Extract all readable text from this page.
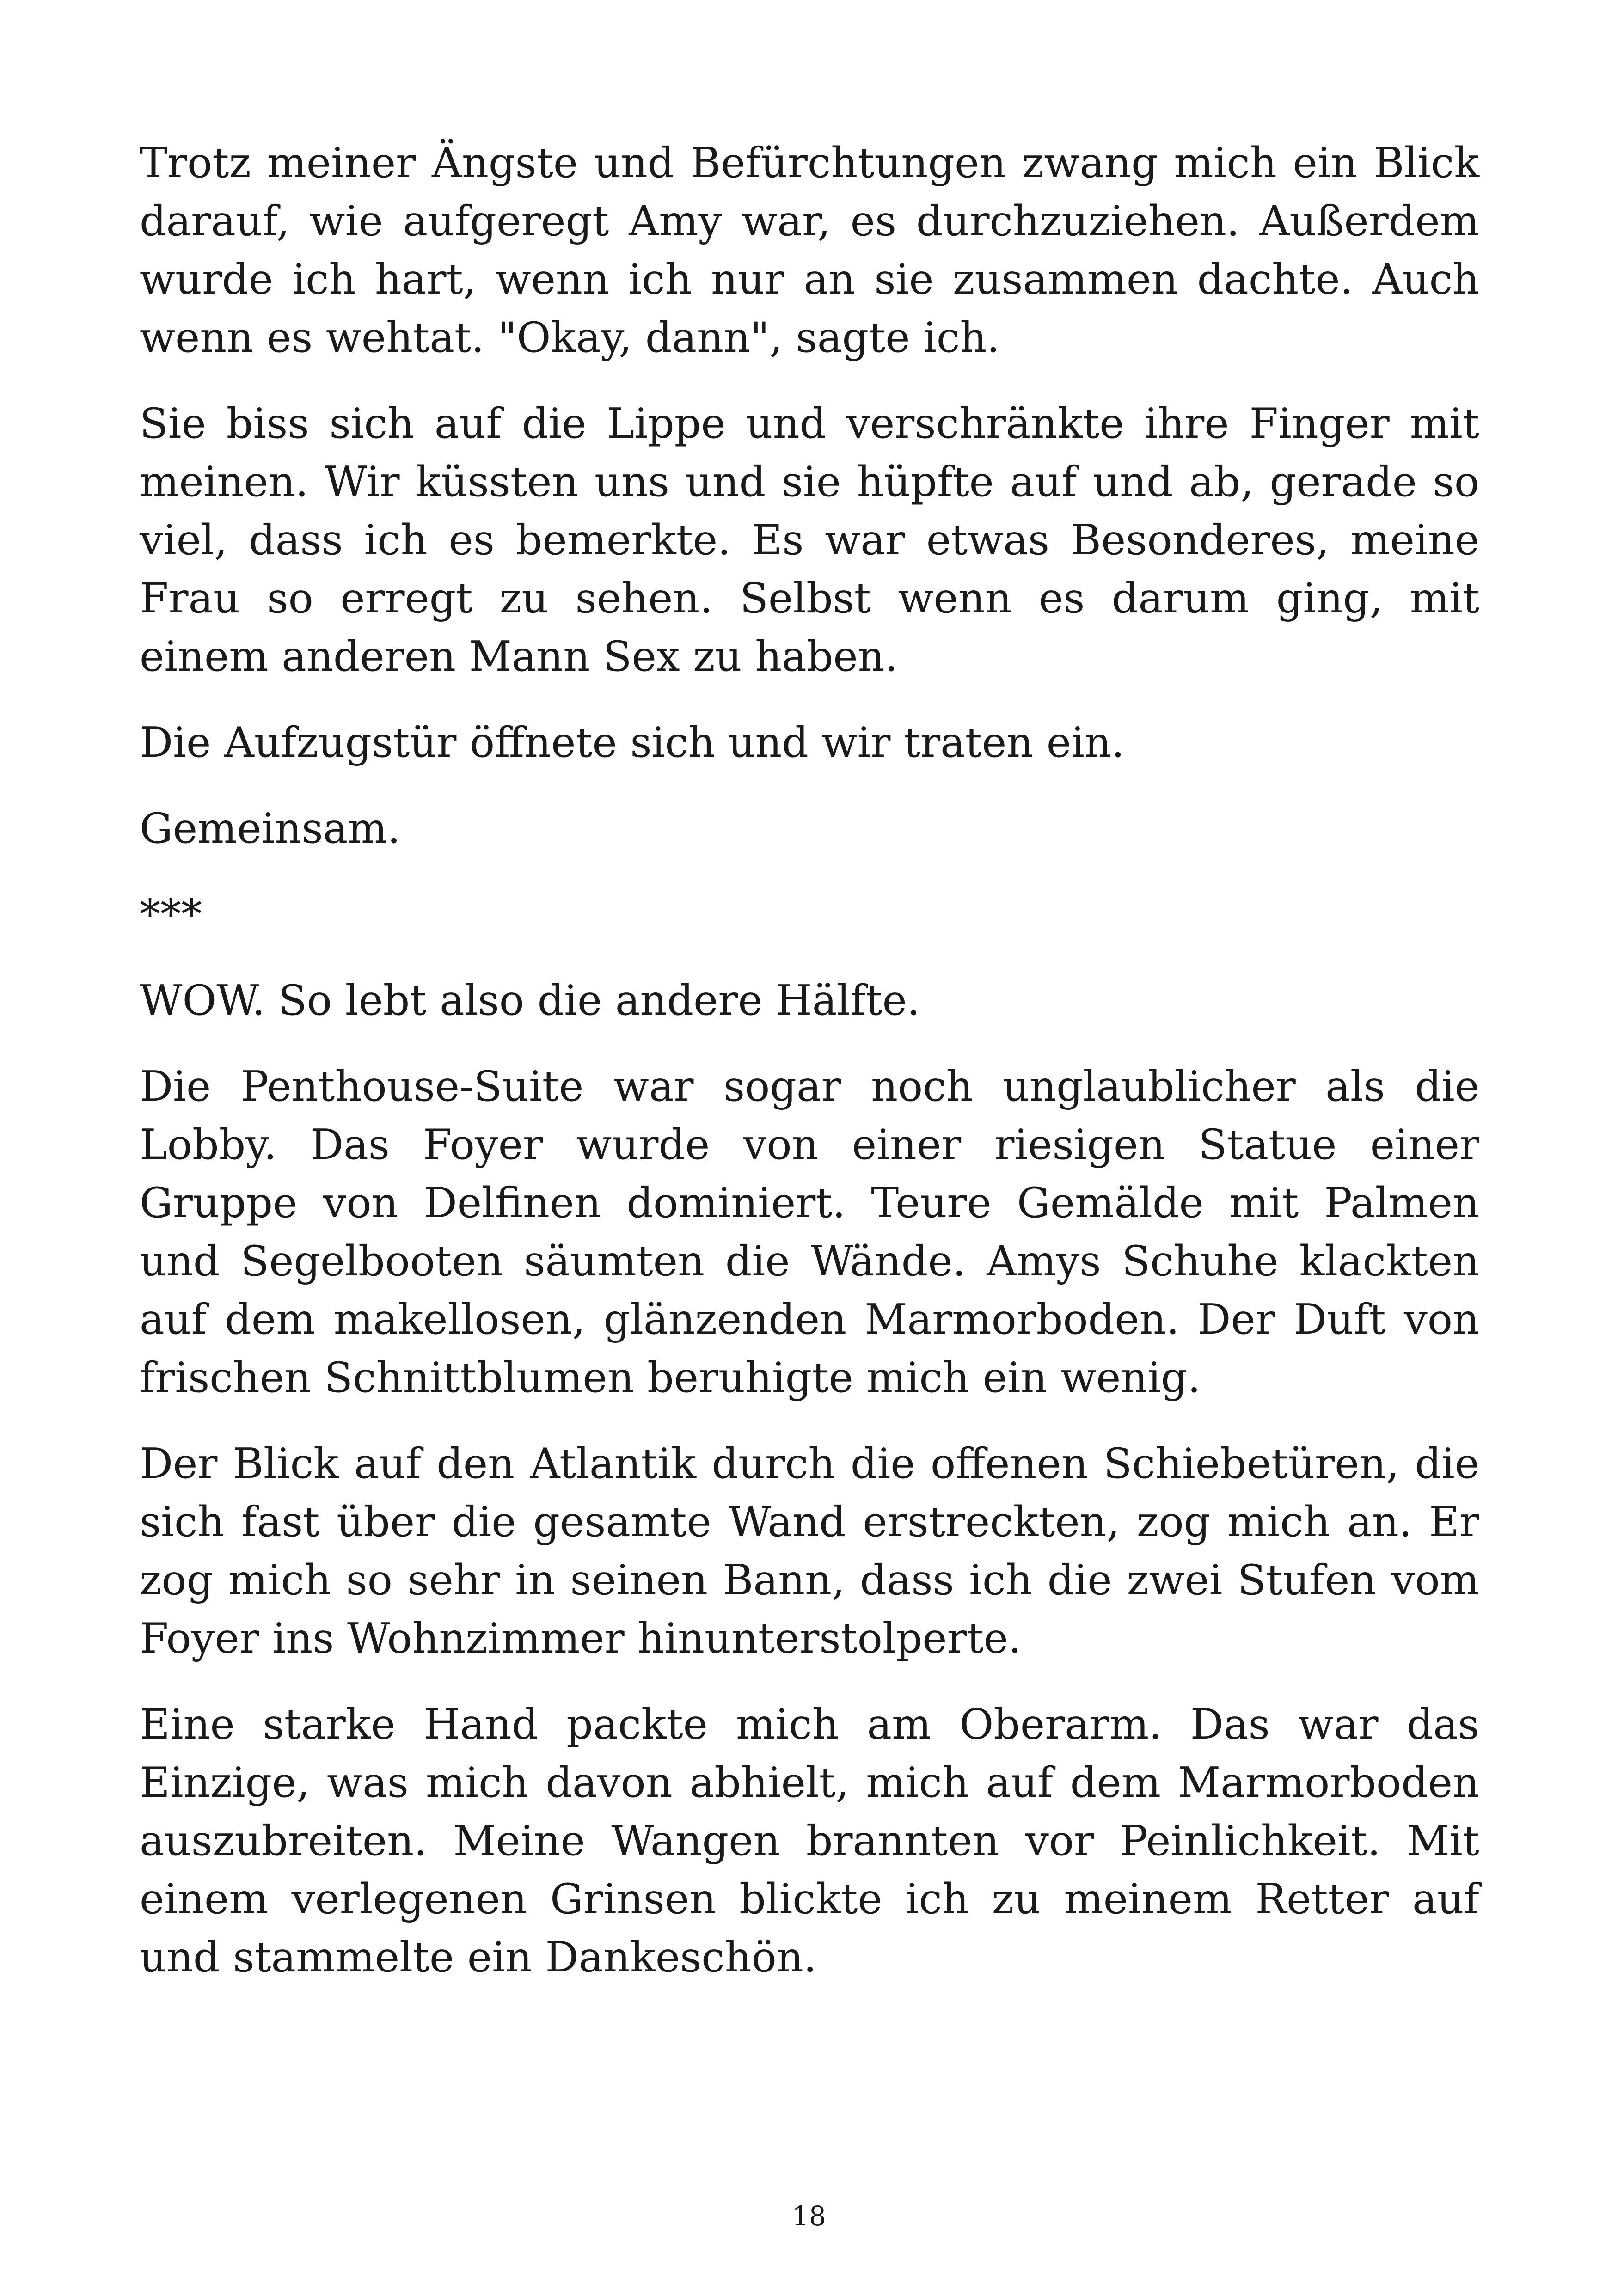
Trotz meiner Ängste und Befürchtungen zwang mich ein Blick darauf, wie aufgeregt Amy war, es durchzuziehen. Außerdem wurde ich hart, wenn ich nur an sie zusammen dachte. Auch wenn es wehtat. "Okay, dann", sagte ich.

Sie biss sich auf die Lippe und verschränkte ihre Finger mit meinen. Wir küssten uns und sie hüpfte auf und ab, gerade so viel, dass ich es bemerkte. Es war etwas Besonderes, meine Frau so erregt zu sehen. Selbst wenn es darum ging, mit einem anderen Mann Sex zu haben.

Die Aufzugstür öffnete sich und wir traten ein.

Gemeinsam.

***

WOW. So lebt also die andere Hälfte.

Die Penthouse-Suite war sogar noch unglaublicher als die Lobby. Das Foyer wurde von einer riesigen Statue einer Gruppe von Delfinen dominiert. Teure Gemälde mit Palmen und Segelbooten säumten die Wände. Amys Schuhe klackten auf dem makellosen, glänzenden Marmorboden. Der Duft von frischen Schnittblumen beruhigte mich ein wenig.

Der Blick auf den Atlantik durch die offenen Schiebetüren, die sich fast über die gesamte Wand erstreckten, zog mich an. Er zog mich so sehr in seinen Bann, dass ich die zwei Stufen vom Foyer ins Wohnzimmer hinunterstolperte.

Eine starke Hand packte mich am Oberarm. Das war das Einzige, was mich davon abhielt, mich auf dem Marmorboden auszubreiten. Meine Wangen brannten vor Peinlichkeit. Mit einem verlegenen Grinsen blickte ich zu meinem Retter auf und stammelte ein Dankeschön.

18
